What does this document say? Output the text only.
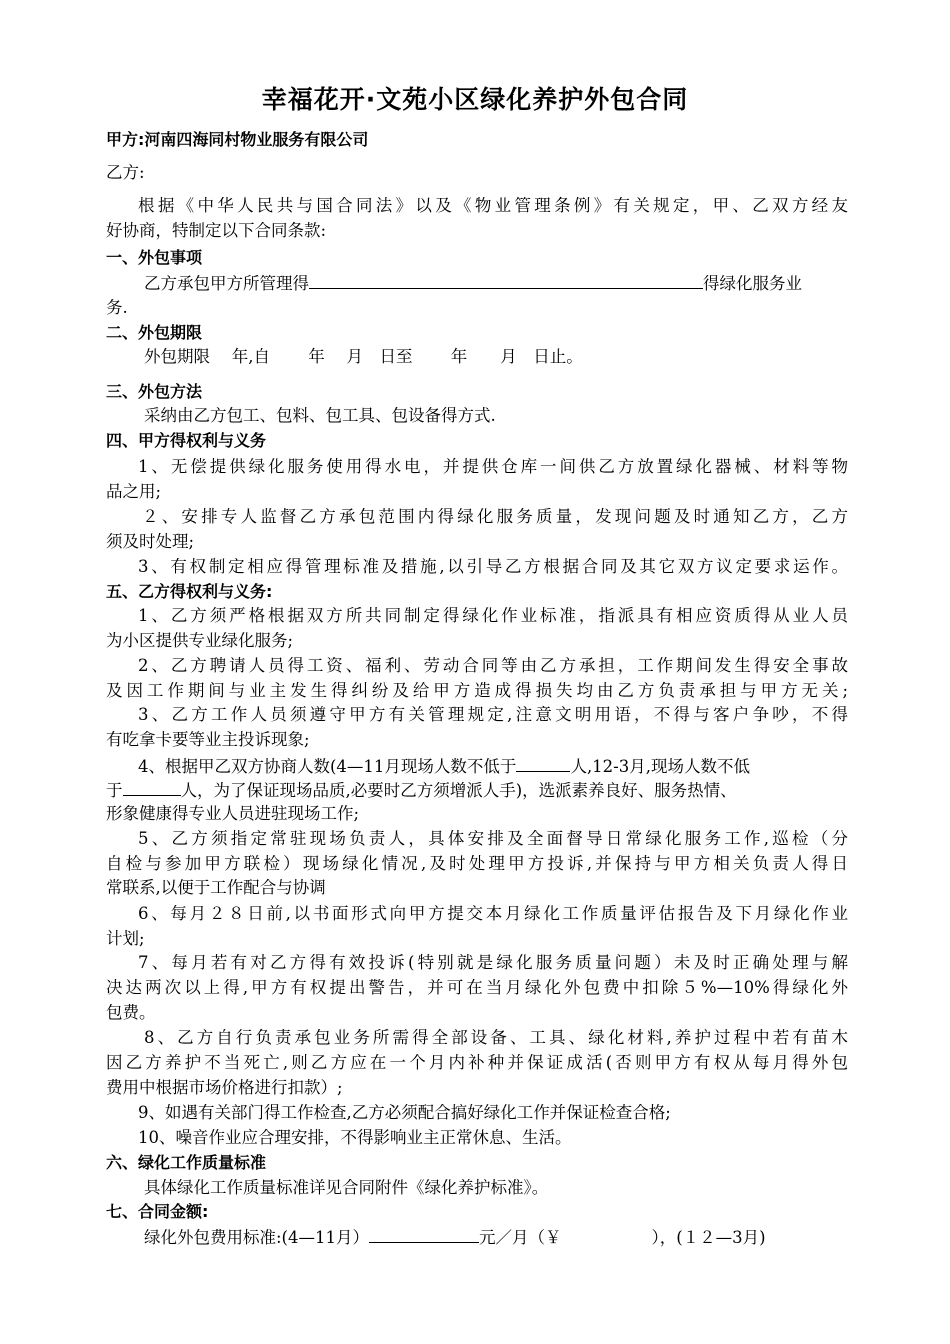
幸福花开·文苑小区绿化养护外包合同
甲方:河南四海同村物业服务有限公司
乙方:
根据《中华人民共与国合同法》以及《物业管理条例》有关规定，甲、乙双方经友
好协商，特制定以下合同条款:
一、外包事项
乙方承包甲方所管理得	得绿化服务业
务.
二、外包期限
外包期限　 年,自　　 年　 月　日至　　 年　　月　日止。
三、外包方法
采纳由乙方包工、包料、包工具、包设备得方式.
四、甲方得权利与义务
1、无偿提供绿化服务使用得水电，并提供仓库一间供乙方放置绿化器械、材料等物
品之用;
２、安排专人监督乙方承包范围内得绿化服务质量，发现问题及时通知乙方，乙方
须及时处理;
3、有权制定相应得管理标准及措施,以引导乙方根据合同及其它双方议定要求运作。
五、乙方得权利与义务:
1、乙方须严格根据双方所共同制定得绿化作业标准，指派具有相应资质得从业人员
为小区提供专业绿化服务;
2、乙方聘请人员得工资、福利、劳动合同等由乙方承担，工作期间发生得安全事故
及因工作期间与业主发生得纠纷及给甲方造成得损失均由乙方负责承担与甲方无关;
3、乙方工作人员须遵守甲方有关管理规定,注意文明用语，不得与客户争吵，不得
有吃拿卡要等业主投诉现象;
4、根据甲乙双方协商人数(4—11月现场人数不低于	人,12-3月,现场人数不低
于	人，为了保证现场品质,必要时乙方须增派人手)，选派素养良好、服务热情、
形象健康得专业人员进驻现场工作;
5、乙方须指定常驻现场负责人，具体安排及全面督导日常绿化服务工作,巡检（分
自检与参加甲方联检）现场绿化情况,及时处理甲方投诉,并保持与甲方相关负责人得日
常联系,以便于工作配合与协调
6、每月２８日前,以书面形式向甲方提交本月绿化工作质量评估报告及下月绿化作业
计划;
7、每月若有对乙方得有效投诉(特别就是绿化服务质量问题）未及时正确处理与解
决达两次以上得,甲方有权提出警告，并可在当月绿化外包费中扣除５%—10%得绿化外
包费。
8、乙方自行负责承包业务所需得全部设备、工具、绿化材料,养护过程中若有苗木
因乙方养护不当死亡,则乙方应在一个月内补种并保证成活(否则甲方有权从每月得外包
费用中根据市场价格进行扣款）;
9、如遇有关部门得工作检查,乙方必须配合搞好绿化工作并保证检查合格;
10、噪音作业应合理安排，不得影响业主正常休息、生活。
六、绿化工作质量标准
具体绿化工作质量标准详见合同附件《绿化养护标准》。
七、合同金额:
绿化外包费用标准:(4—11月）	元／月（￥	），(１２—3月)
